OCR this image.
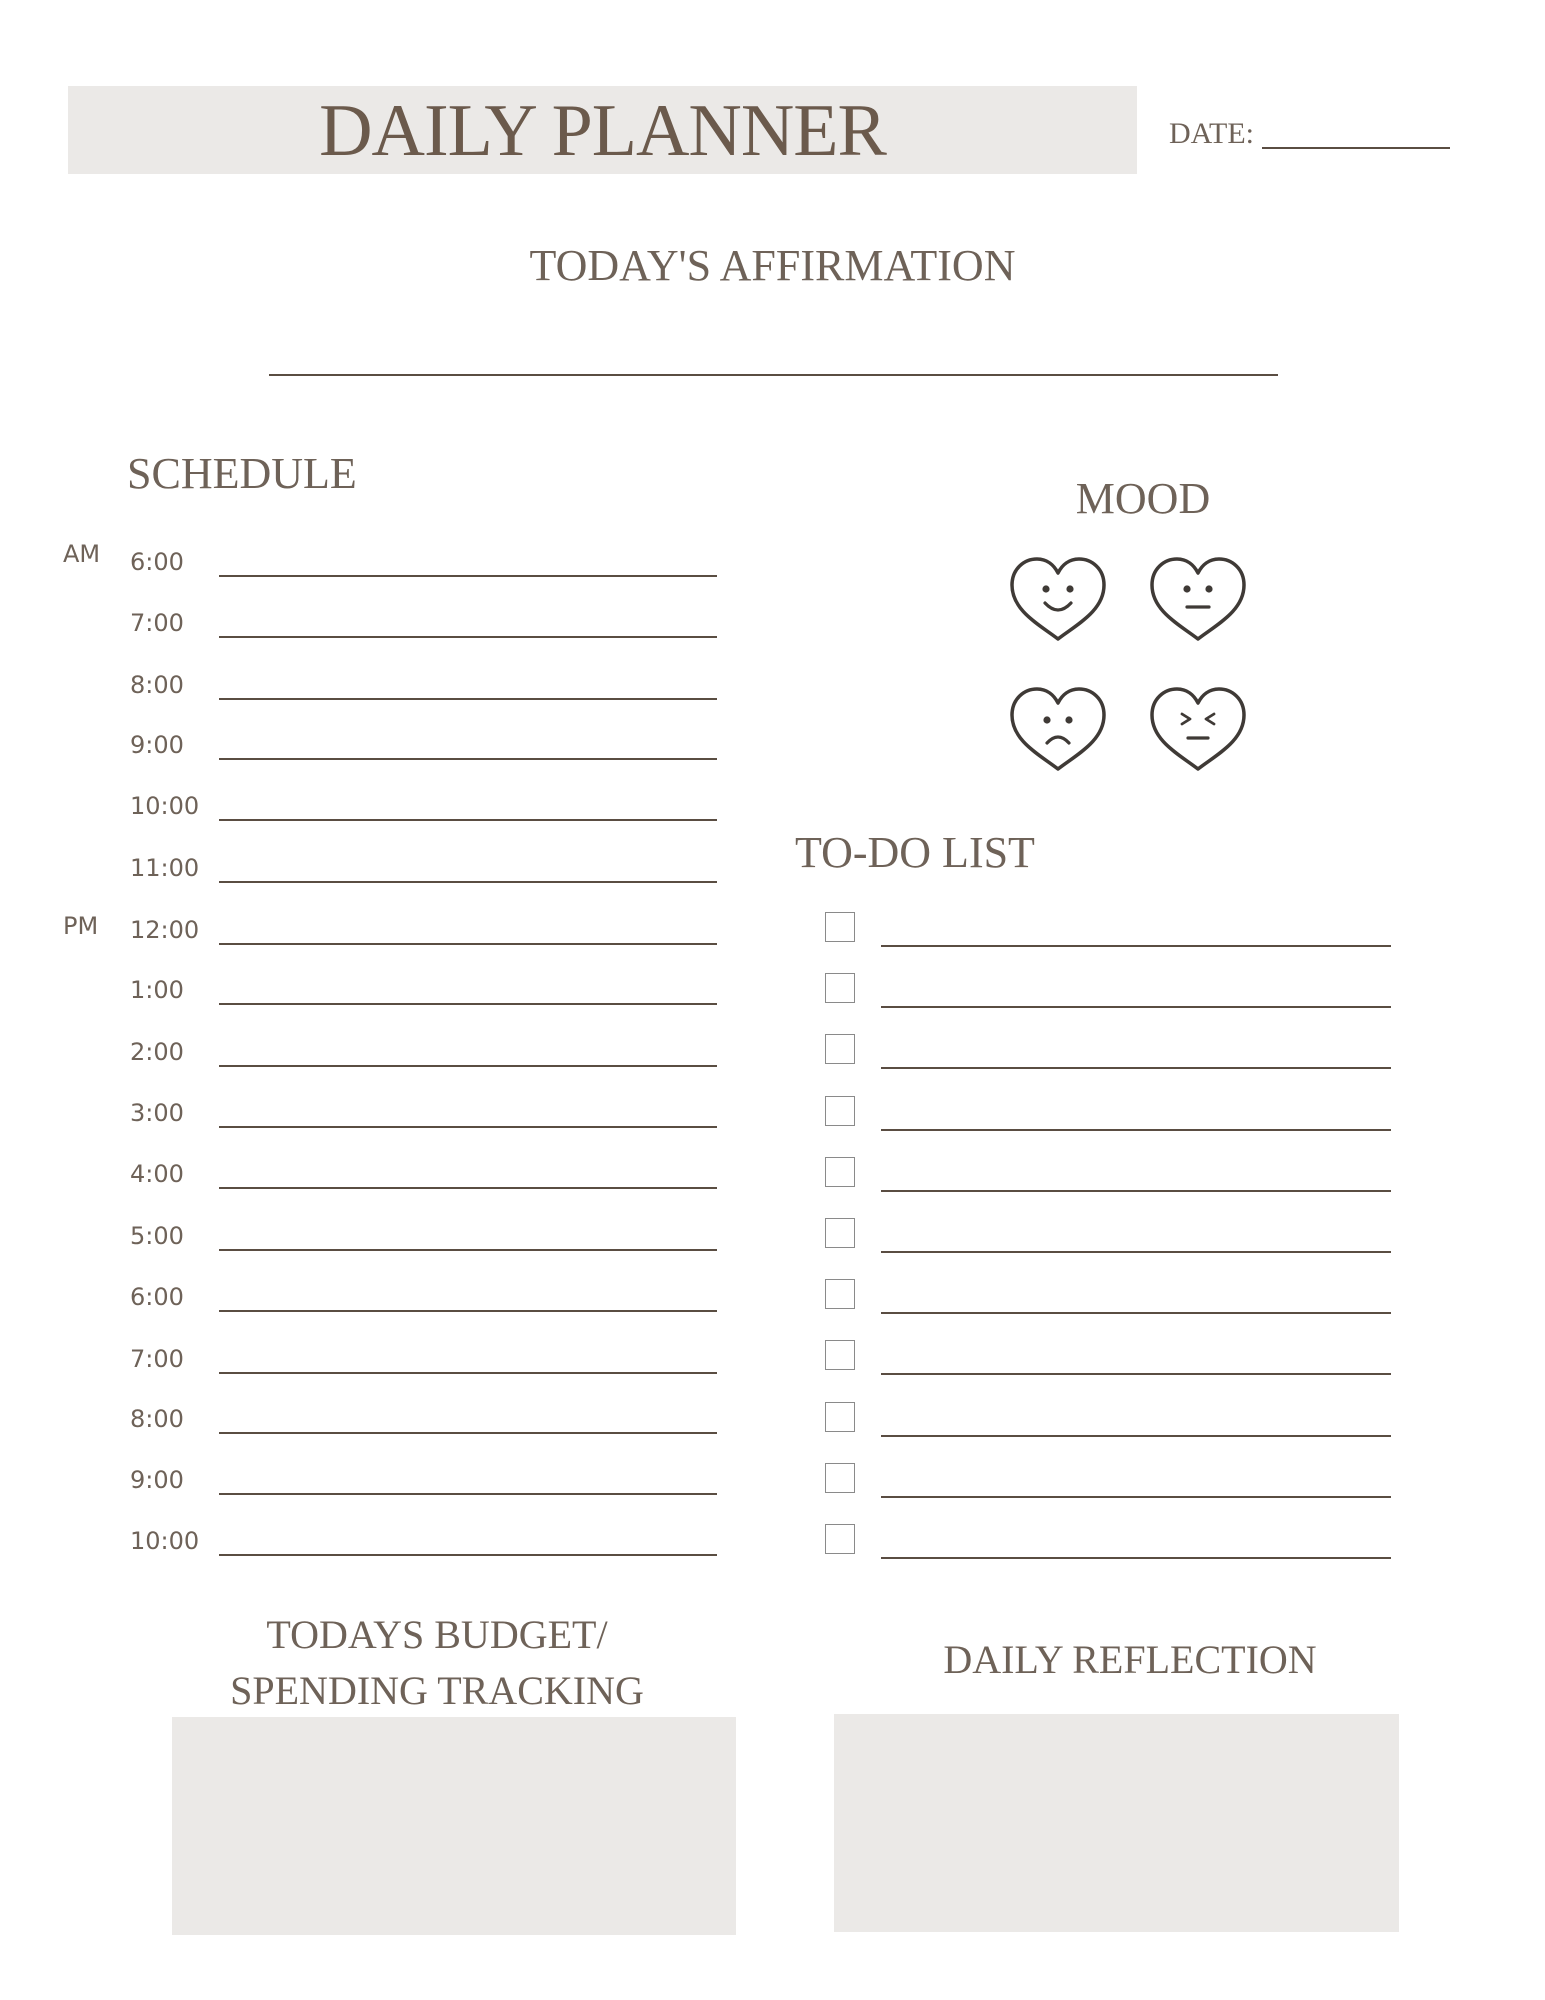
DAILY PLANNER	DATE:
TODAY'S AFFIRMATION
SCHEDULE
6:00
7:00
8:00
9:00
10:00
11:00
12:00
1:00
2:00
3:00
4:00
5:00
6:00
7:00
8:00
9:00
10:00
AM
PM
MOOD
TO-DO LIST
TODAYS BUDGET/
SPENDING TRACKING
DAILY REFLECTION
